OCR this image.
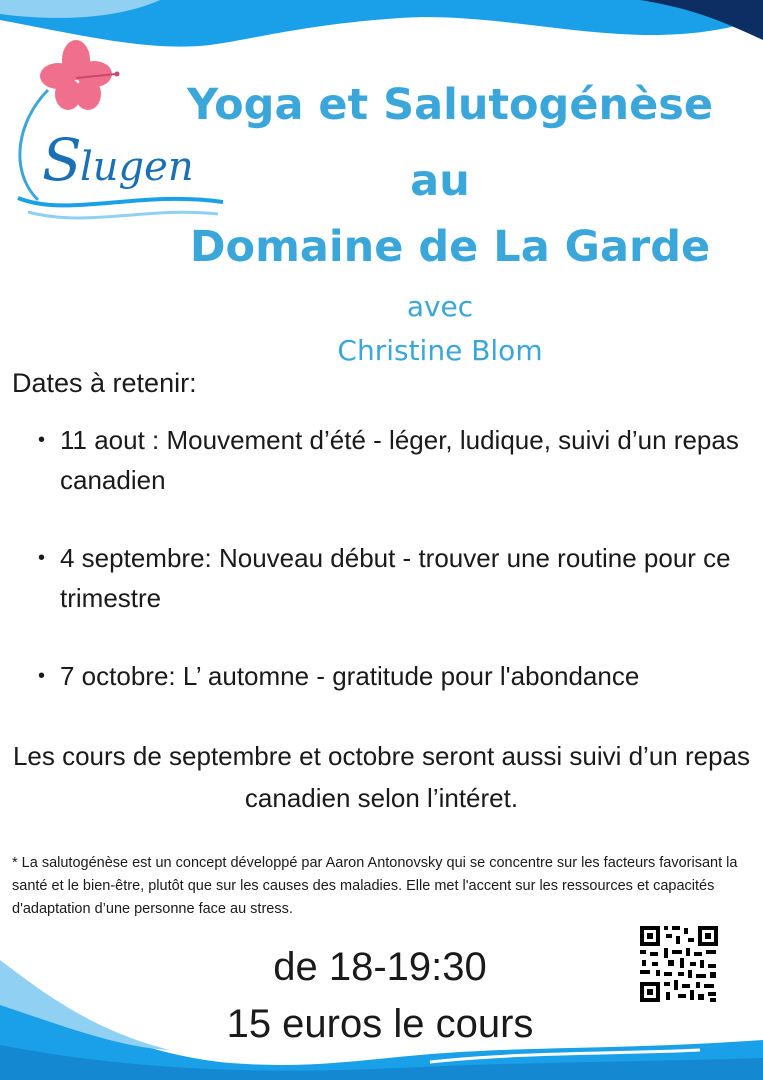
S
lugen
Yoga et Salutogénèse
au
Domaine de La Garde

avec

Christine Blom

Dates à retenir:
• 11 aout : Mouvement d’été - léger, ludique, suivi d’un repas canadien
• 4 septembre: Nouveau début - trouver une routine pour ce trimestre
• 7 octobre: L’ automne - gratitude pour l'abondance

Les cours de septembre et octobre seront aussi suivi d’un repas canadien selon l’intéret.

* La salutogénèse est un concept développé par Aaron Antonovsky qui se concentre sur les facteurs favorisant la santé et le bien-être, plutôt que sur les causes des maladies. Elle met l'accent sur les ressources et capacités d'adaptation d’une personne face au stress.

de 18-19:30

15 euros le cours
